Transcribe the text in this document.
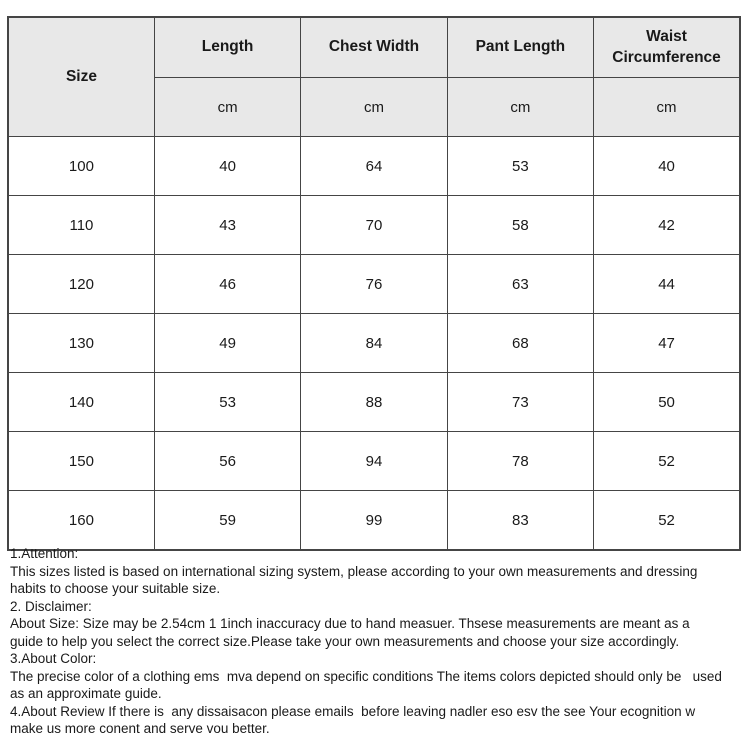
Size	Length	Chest Width	Pant Length	Waist Circumference
	cm	cm	cm	cm
100	40	64	53	40
110	43	70	58	42
120	46	76	63	44
130	49	84	68	47
140	53	88	73	50
150	56	94	78	52
160	59	99	83	52
1.Attention:
This sizes listed is based on international sizing system, please according to your own measurements and dressing
habits to choose your suitable size.
2. Disclaimer:
About Size: Size may be 2.54cm 1 1inch inaccuracy due to hand measuer. Thsese measurements are meant as a
guide to help you select the correct size.Please take your own measurements and choose your size accordingly.
3.About Color:
The precise color of a clothing ems  mva depend on specific conditions The items colors depicted should only be   used
as an approximate guide.
4.About Review If there is  any dissaisacon please emails  before leaving nadler eso esv the see Your ecognition w
make us more conent and serve vou better.
